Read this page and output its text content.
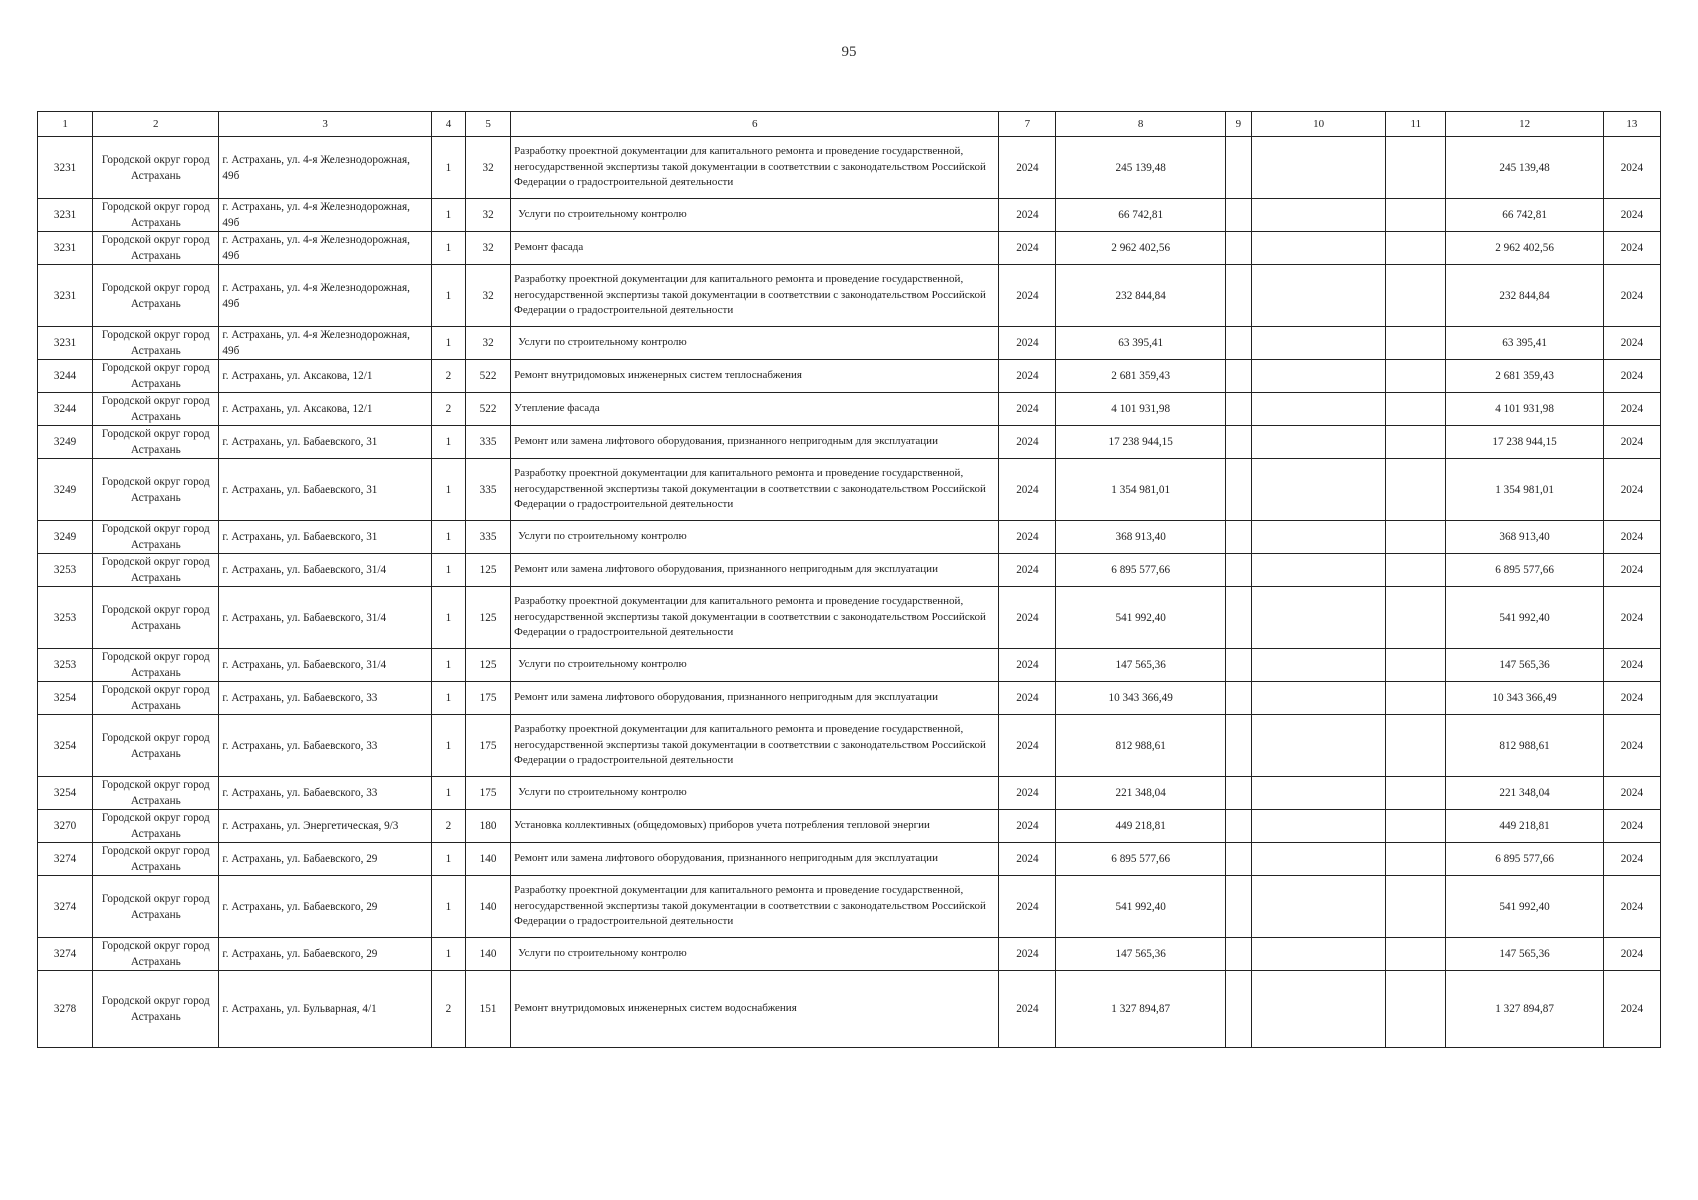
95
1	2	3	4	5	6	7	8	9	10	11	12	13
3231	Городской округ город Астрахань	г. Астрахань, ул. 4-я Железнодорожная, 49б	1	32	Разработку проектной документации для капитального ремонта и проведение государственной, негосударственной экспертизы такой документации в соответствии с законодательством Российской Федерации о градостроительной деятельности	2024	245 139,48				245 139,48	2024
3231	Городской округ город Астрахань	г. Астрахань, ул. 4-я Железнодорожная, 49б	1	32	Услуги по строительному контролю	2024	66 742,81				66 742,81	2024
3231	Городской округ город Астрахань	г. Астрахань, ул. 4-я Железнодорожная, 49б	1	32	Ремонт фасада	2024	2 962 402,56				2 962 402,56	2024
3231	Городской округ город Астрахань	г. Астрахань, ул. 4-я Железнодорожная, 49б	1	32	Разработку проектной документации для капитального ремонта и проведение государственной, негосударственной экспертизы такой документации в соответствии с законодательством Российской Федерации о градостроительной деятельности	2024	232 844,84				232 844,84	2024
3231	Городской округ город Астрахань	г. Астрахань, ул. 4-я Железнодорожная, 49б	1	32	Услуги по строительному контролю	2024	63 395,41				63 395,41	2024
3244	Городской округ город Астрахань	г. Астрахань, ул. Аксакова, 12/1	2	522	Ремонт внутридомовых инженерных систем теплоснабжения	2024	2 681 359,43				2 681 359,43	2024
3244	Городской округ город Астрахань	г. Астрахань, ул. Аксакова, 12/1	2	522	Утепление фасада	2024	4 101 931,98				4 101 931,98	2024
3249	Городской округ город Астрахань	г. Астрахань, ул. Бабаевского, 31	1	335	Ремонт или замена лифтового оборудования, признанного непригодным для эксплуатации	2024	17 238 944,15				17 238 944,15	2024
3249	Городской округ город Астрахань	г. Астрахань, ул. Бабаевского, 31	1	335	Разработку проектной документации для капитального ремонта и проведение государственной, негосударственной экспертизы такой документации в соответствии с законодательством Российской Федерации о градостроительной деятельности	2024	1 354 981,01				1 354 981,01	2024
3249	Городской округ город Астрахань	г. Астрахань, ул. Бабаевского, 31	1	335	Услуги по строительному контролю	2024	368 913,40				368 913,40	2024
3253	Городской округ город Астрахань	г. Астрахань, ул. Бабаевского, 31/4	1	125	Ремонт или замена лифтового оборудования, признанного непригодным для эксплуатации	2024	6 895 577,66				6 895 577,66	2024
3253	Городской округ город Астрахань	г. Астрахань, ул. Бабаевского, 31/4	1	125	Разработку проектной документации для капитального ремонта и проведение государственной, негосударственной экспертизы такой документации в соответствии с законодательством Российской Федерации о градостроительной деятельности	2024	541 992,40				541 992,40	2024
3253	Городской округ город Астрахань	г. Астрахань, ул. Бабаевского, 31/4	1	125	Услуги по строительному контролю	2024	147 565,36				147 565,36	2024
3254	Городской округ город Астрахань	г. Астрахань, ул. Бабаевского, 33	1	175	Ремонт или замена лифтового оборудования, признанного непригодным для эксплуатации	2024	10 343 366,49				10 343 366,49	2024
3254	Городской округ город Астрахань	г. Астрахань, ул. Бабаевского, 33	1	175	Разработку проектной документации для капитального ремонта и проведение государственной, негосударственной экспертизы такой документации в соответствии с законодательством Российской Федерации о градостроительной деятельности	2024	812 988,61				812 988,61	2024
3254	Городской округ город Астрахань	г. Астрахань, ул. Бабаевского, 33	1	175	Услуги по строительному контролю	2024	221 348,04				221 348,04	2024
3270	Городской округ город Астрахань	г. Астрахань, ул. Энергетическая, 9/3	2	180	Установка коллективных (общедомовых) приборов учета потребления тепловой энергии	2024	449 218,81				449 218,81	2024
3274	Городской округ город Астрахань	г. Астрахань, ул. Бабаевского, 29	1	140	Ремонт или замена лифтового оборудования, признанного непригодным для эксплуатации	2024	6 895 577,66				6 895 577,66	2024
3274	Городской округ город Астрахань	г. Астрахань, ул. Бабаевского, 29	1	140	Разработку проектной документации для капитального ремонта и проведение государственной, негосударственной экспертизы такой документации в соответствии с законодательством Российской Федерации о градостроительной деятельности	2024	541 992,40				541 992,40	2024
3274	Городской округ город Астрахань	г. Астрахань, ул. Бабаевского, 29	1	140	Услуги по строительному контролю	2024	147 565,36				147 565,36	2024
3278	Городской округ город Астрахань	г. Астрахань, ул. Бульварная, 4/1	2	151	Ремонт внутридомовых инженерных систем водоснабжения	2024	1 327 894,87				1 327 894,87	2024
